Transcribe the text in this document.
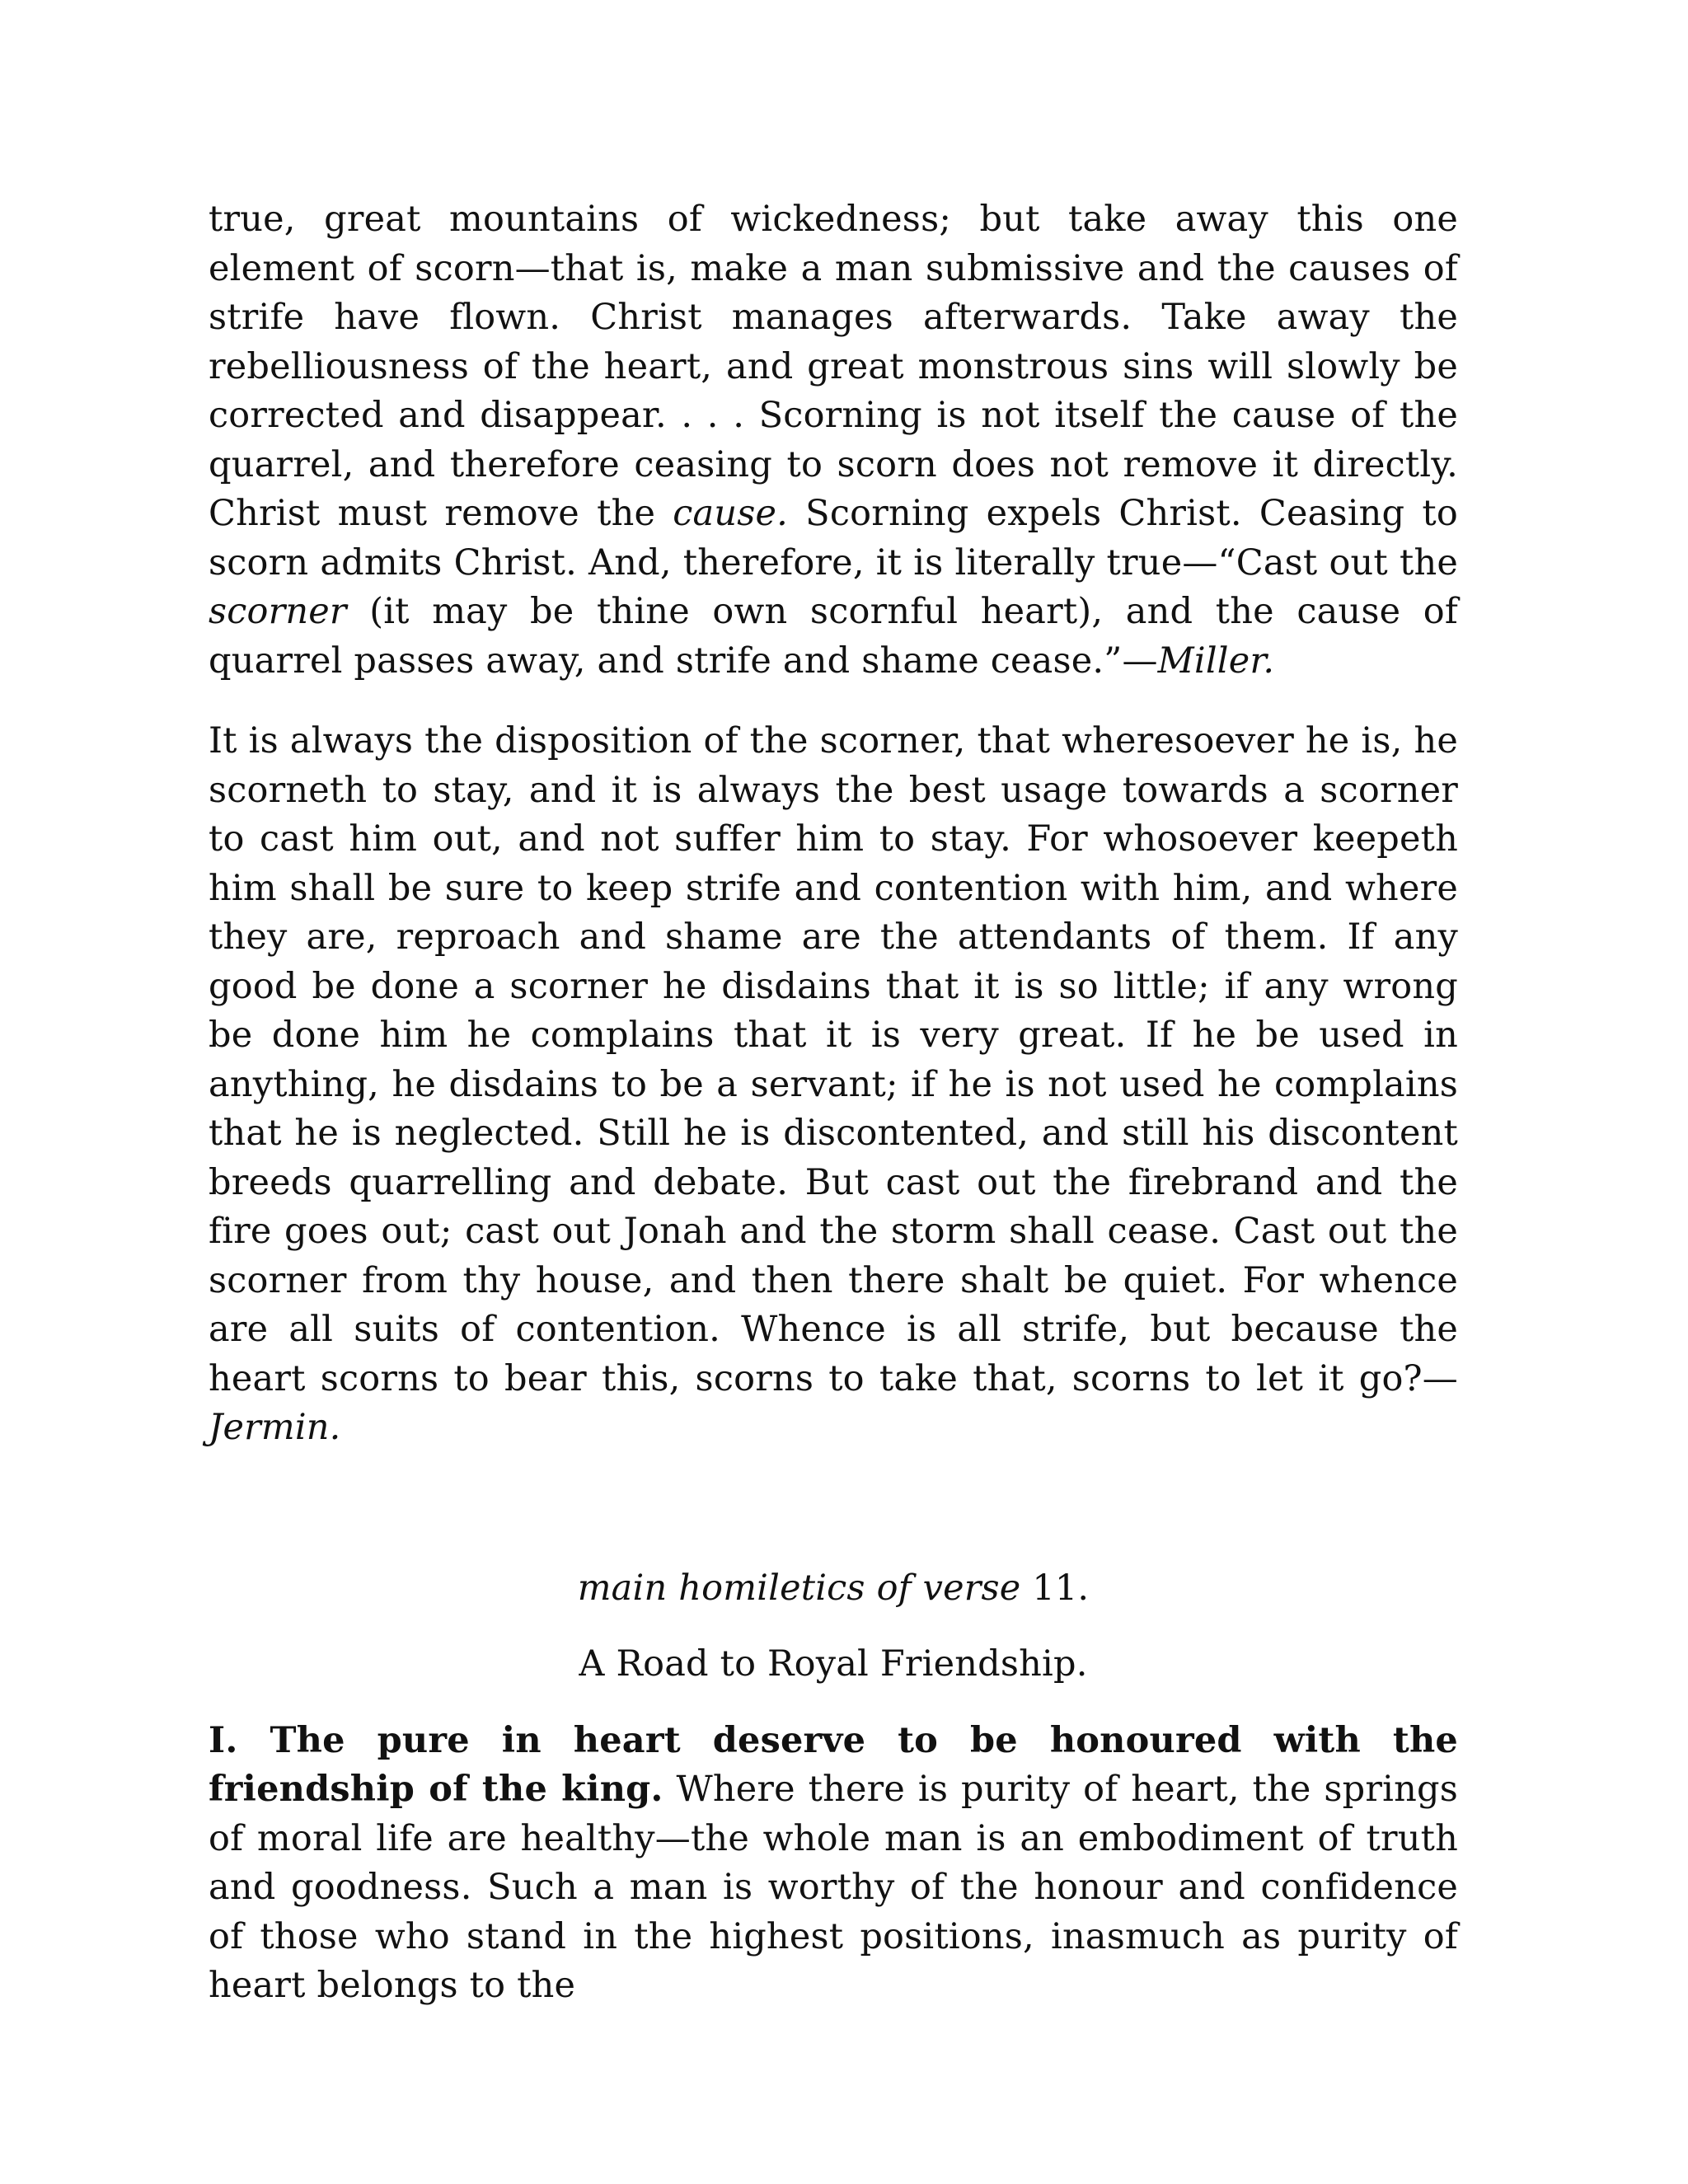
true, great mountains of wickedness; but take away this one element of scorn—that is, make a man submissive and the causes of strife have flown. Christ manages afterwards. Take away the rebelliousness of the heart, and great monstrous sins will slowly be corrected and disappear. . . . Scorning is not itself the cause of the quarrel, and therefore ceasing to scorn does not remove it directly. Christ must remove the cause. Scorning expels Christ. Ceasing to scorn admits Christ. And, therefore, it is literally true—“Cast out the scorner (it may be thine own scornful heart), and the cause of quarrel passes away, and strife and shame cease.”—Miller.

It is always the disposition of the scorner, that wheresoever he is, he scorneth to stay, and it is always the best usage towards a scorner to cast him out, and not suffer him to stay. For whosoever keepeth him shall be sure to keep strife and contention with him, and where they are, reproach and shame are the attendants of them. If any good be done a scorner he disdains that it is so little; if any wrong be done him he complains that it is very great. If he be used in anything, he disdains to be a servant; if he is not used he complains that he is neglected. Still he is discontented, and still his discontent breeds quarrelling and debate. But cast out the firebrand and the fire goes out; cast out Jonah and the storm shall cease. Cast out the scorner from thy house, and then there shalt be quiet. For whence are all suits of contention. Whence is all strife, but because the heart scorns to bear this, scorns to take that, scorns to let it go?—Jermin.

main homiletics of verse 11.

A Road to Royal Friendship.

I. The pure in heart deserve to be honoured with the friendship of the king. Where there is purity of heart, the springs of moral life are healthy—the whole man is an embodiment of truth and goodness. Such a man is worthy of the honour and confidence of those who stand in the highest positions, inasmuch as purity of heart belongs to the
